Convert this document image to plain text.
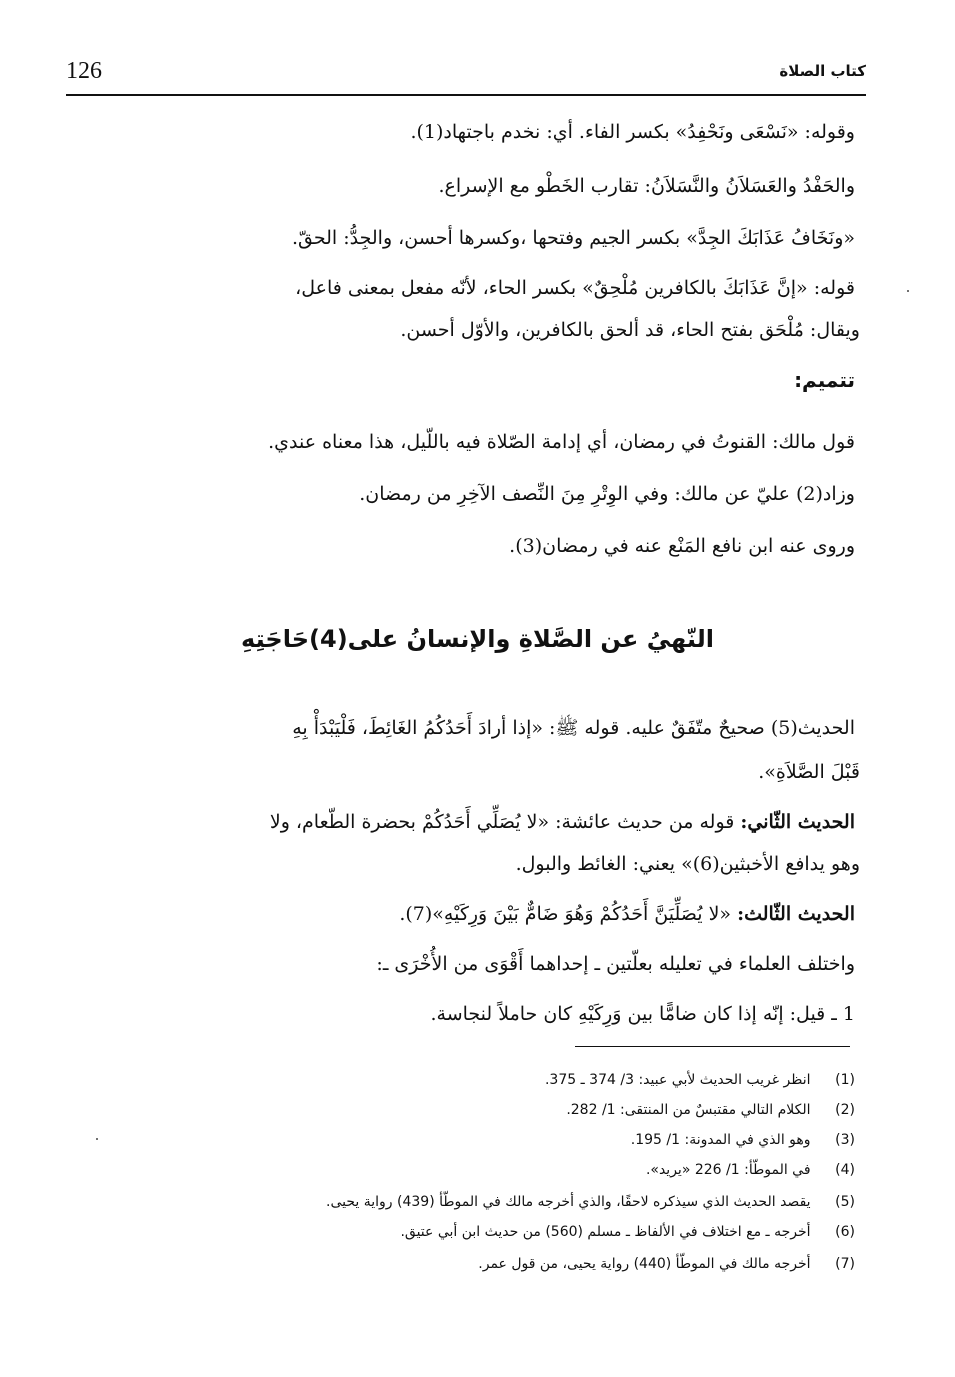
126	كتاب الصلاة
وقوله: «نَسْعَى ونَحْفِدُ» بكسر الفاء. أي: نخدم باجتهاد(1).
والحَفْدُ والعَسَلاَنُ والنَّسَلاَنُ: تقارب الخَطْو مع الإسراع.
«ونَخَافُ عَذَابَكَ الجِدَّ» بكسر الجيم وفتحها ،وكسرها أحسن، والجِدُّ: الحقّ.
قوله: «إنَّ عَذَابَكَ بالكافرين مُلْحِقٌ» بكسر الحاء، لأنّه مفعل بمعنى فاعل،
ويقال: مُلْحَق بفتح الحاء، قد ألحق بالكافرين، والأوّل أحسن.
تتميم:
قول مالك: القنوتُ في رمضان، أي إدامة الصّلاة فيه باللّيل، هذا معناه عندي.
وزاد(2) عليّ عن مالك: وفي الوِتْرِ مِنَ النِّصف الآخِرِ من رمضان.
وروى عنه ابن نافع المَنْع عنه في رمضان(3).
النّهيُ عن الصَّلاةِ والإنسانُ على(4)حَاجَتِهِ
الحديث(5) صحيحٌ متّفَقٌ عليه. قوله ﷺ: «إذا أرادَ أَحَدُكُمُ الغَائِطَ، فَلْيَبْدَأْ بِهِ
قَبْلَ الصَّلاَةِ».
الحديث الثّاني: قوله من حديث عائشة: «لا يُصَلِّي أَحَدُكُمْ بحضرة الطّعام، ولا
وهو يدافع الأخبثين(6)» يعني: الغائط والبول.
الحديث الثّالث: «لا يُصَلِّيَنَّ أَحَدُكُمْ وَهُوَ ضَامٌّ بَيْنَ وَرِكَيْهِ»(7).
واختلف العلماء في تعليله بعلّتين ـ إحداهما أَقْوَى من الأُخْرَى ـ:
1 ـ قيل: إنّه إذا كان ضامًّا بين وَرِكَيْهِ كان حاملاً لنجاسة.
(1) انظر غريب الحديث لأبي عبيد: 3/ 374 ـ 375.
(2) الكلام التالي مقتبسٌ من المنتقى: 1/ 282.
(3) وهو الذي في المدونة: 1/ 195.
(4) في الموطّأ: 1/ 226 «يريد».
(5) يقصد الحديث الذي سيذكره لاحقًا، والذي أخرجه مالك في الموطّأ (439) رواية يحيى.
(6) أخرجه ـ مع اختلاف في الألفاظ ـ مسلم (560) من حديث ابن أبي عتيق.
(7) أخرجه مالك في الموطّأ (440) رواية يحيى، من قول عمر.
